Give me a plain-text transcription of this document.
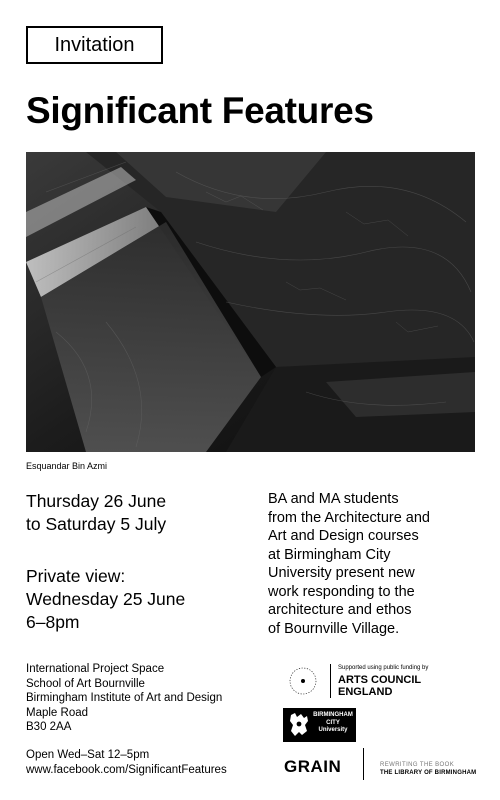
Invitation
Significant Features
Esquandar Bin Azmi
Thursday 26 June
to Saturday 5 July
Private view:
Wednesday 25 June
6–8pm
International Project Space
School of Art Bournville
Birmingham Institute of Art and Design
Maple Road
B30 2AA
Open Wed–Sat 12–5pm
www.facebook.com/SignificantFeatures
BA and MA students
from the Architecture and
Art and Design courses
at Birmingham City
University present new
work responding to the
architecture and ethos
of Bournville Village.
Supported using public funding by
ARTS COUNCIL
ENGLAND
BIRMINGHAM
CITY
University
GRAIN	REWRITING THE BOOK
THE LIBRARY OF BIRMINGHAM
